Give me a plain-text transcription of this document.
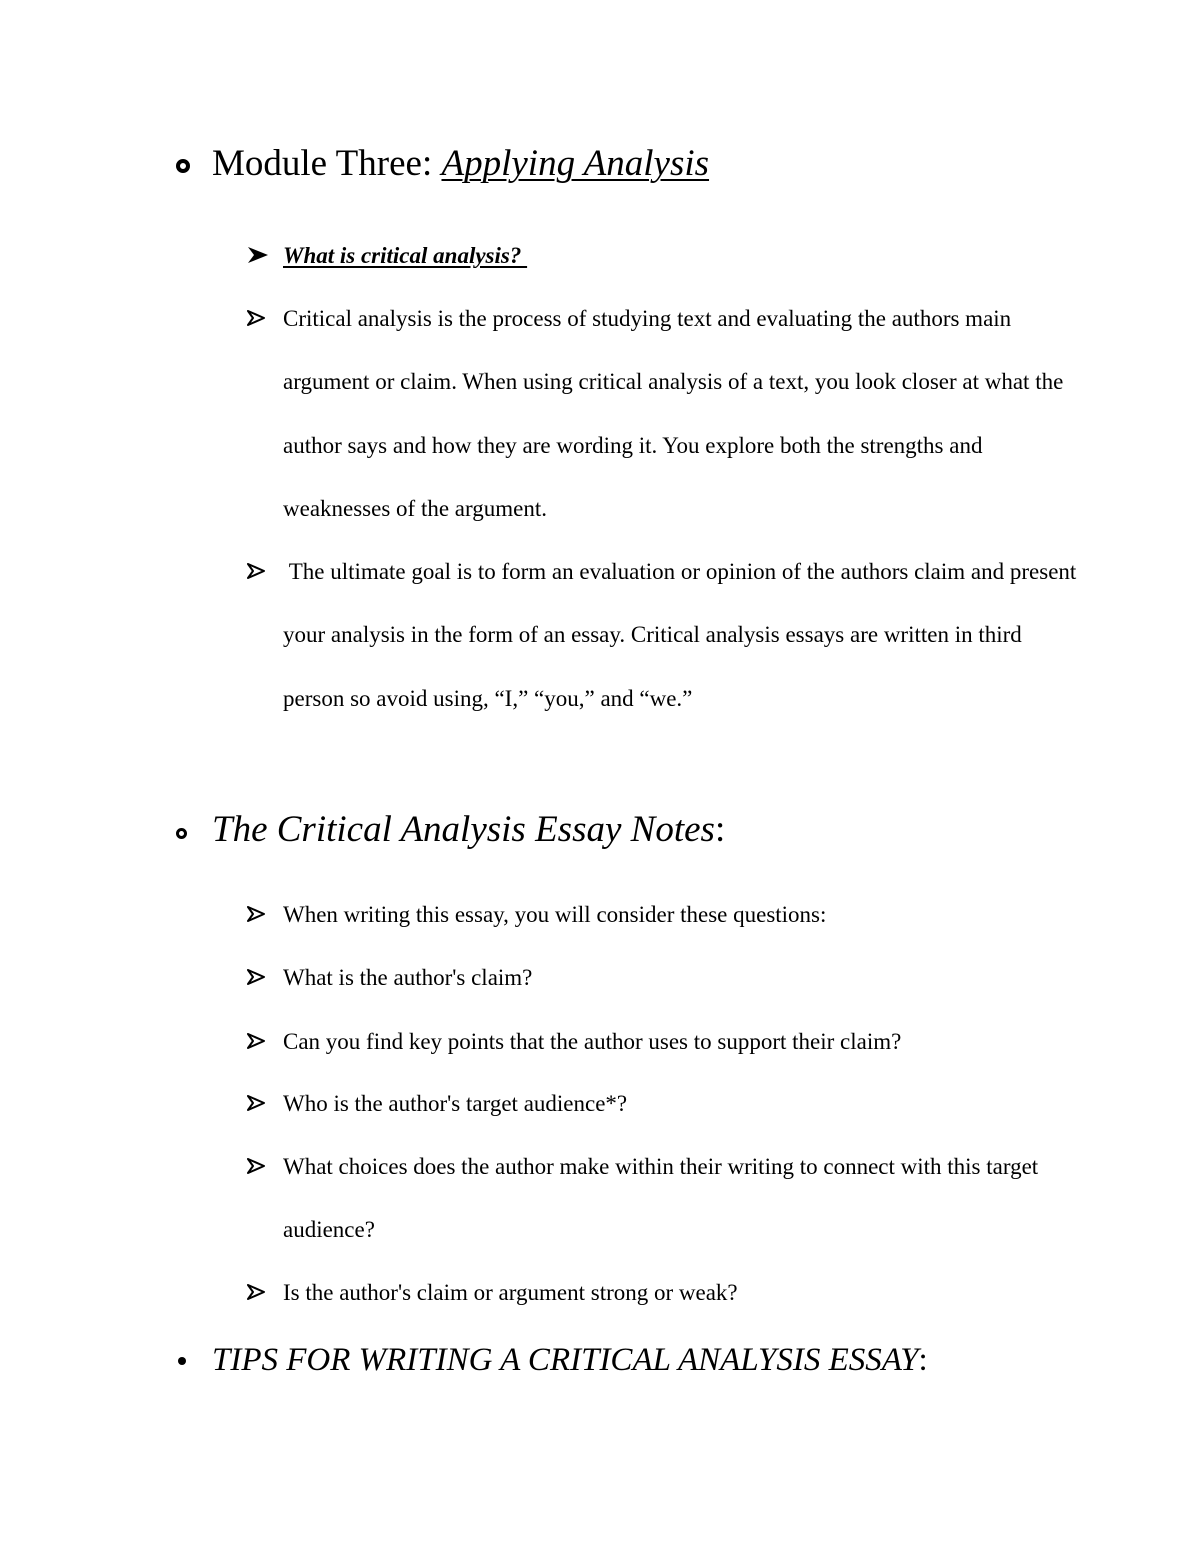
Module Three: Applying Analysis
What is critical analysis?
Critical analysis is the process of studying text and evaluating the authors main argument or claim. When using critical analysis of a text, you look closer at what the author says and how they are wording it. You explore both the strengths and weaknesses of the argument.
The ultimate goal is to form an evaluation or opinion of the authors claim and present your analysis in the form of an essay. Critical analysis essays are written in third person so avoid using, “I,” “you,” and “we.”
The Critical Analysis Essay Notes :
When writing this essay, you will consider these questions:
What is the author's claim?
Can you find key points that the author uses to support their claim?
Who is the author's target audience*?
What choices does the author make within their writing to connect with this target audience?
Is the author's claim or argument strong or weak?
TIPS FOR WRITING A CRITICAL ANALYSIS ESSAY :
